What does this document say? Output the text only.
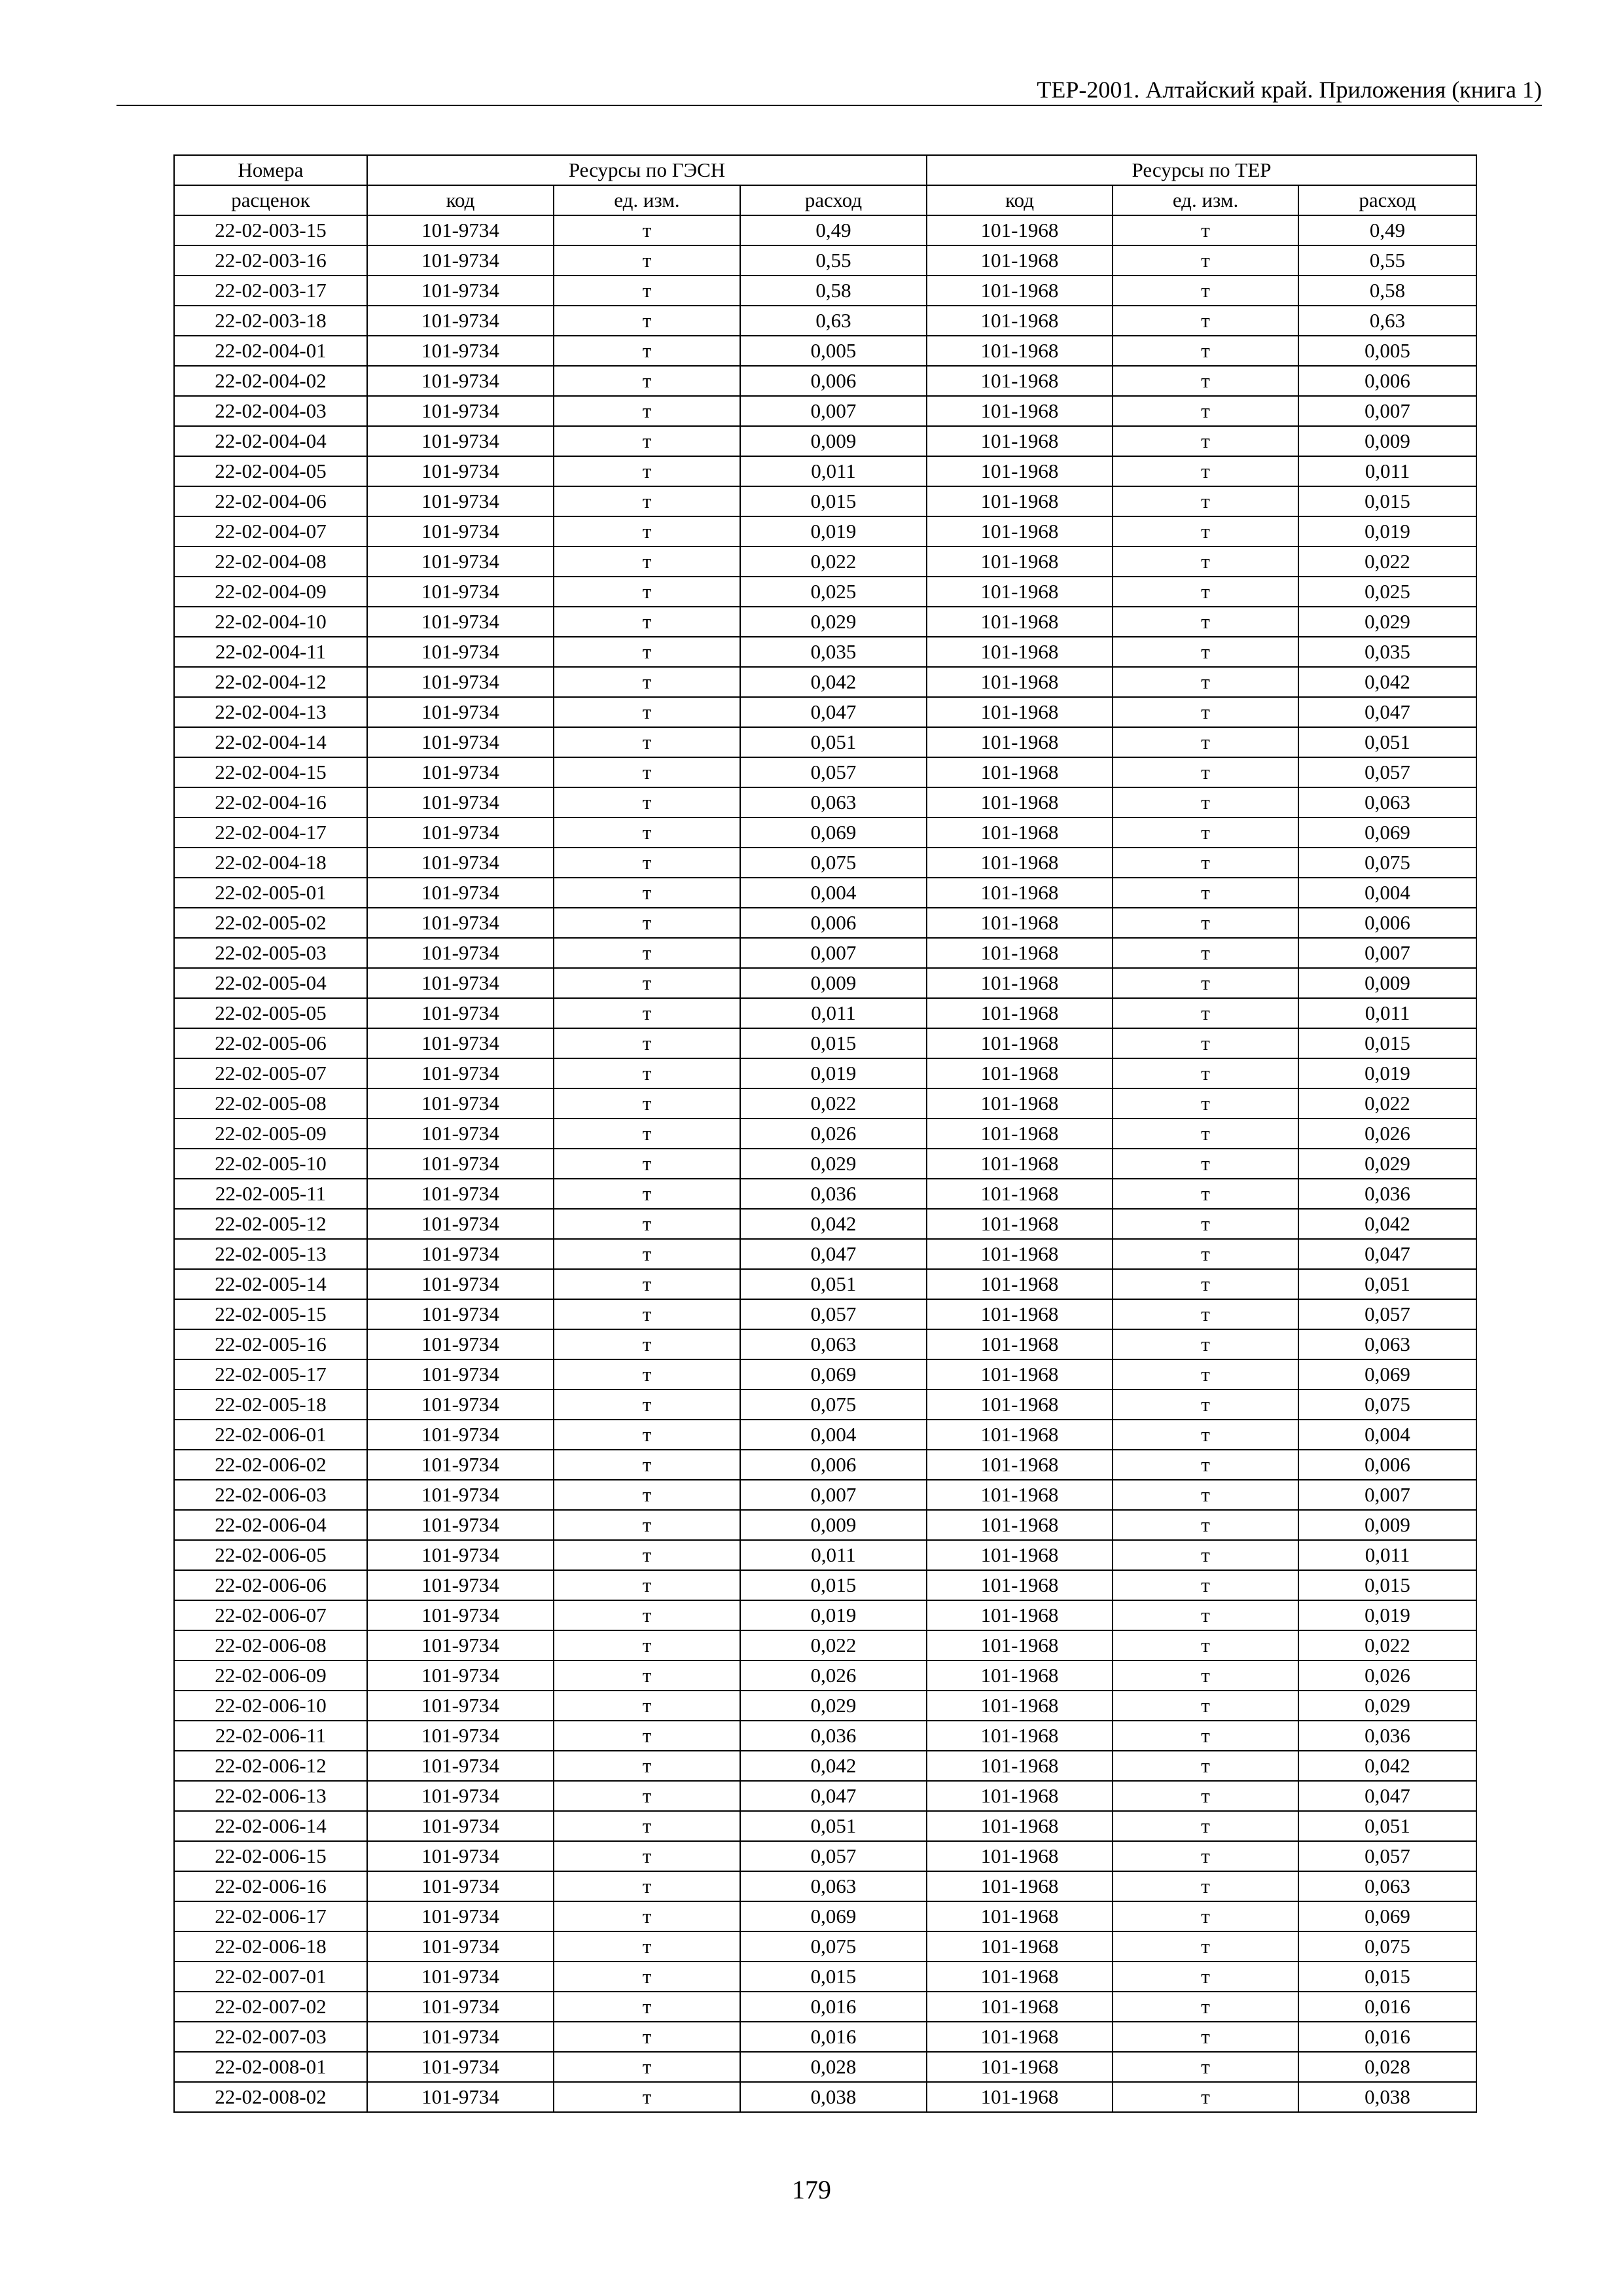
ТЕР-2001. Алтайский край. Приложения (книга 1)
Номера	Ресурсы по ГЭСН			Ресурсы по ТЕР		
расценок	код	ед. изм.	расход	код	ед. изм.	расход
22-02-003-15	101-9734	т	0,49	101-1968	т	0,49
22-02-003-16	101-9734	т	0,55	101-1968	т	0,55
22-02-003-17	101-9734	т	0,58	101-1968	т	0,58
22-02-003-18	101-9734	т	0,63	101-1968	т	0,63
22-02-004-01	101-9734	т	0,005	101-1968	т	0,005
22-02-004-02	101-9734	т	0,006	101-1968	т	0,006
22-02-004-03	101-9734	т	0,007	101-1968	т	0,007
22-02-004-04	101-9734	т	0,009	101-1968	т	0,009
22-02-004-05	101-9734	т	0,011	101-1968	т	0,011
22-02-004-06	101-9734	т	0,015	101-1968	т	0,015
22-02-004-07	101-9734	т	0,019	101-1968	т	0,019
22-02-004-08	101-9734	т	0,022	101-1968	т	0,022
22-02-004-09	101-9734	т	0,025	101-1968	т	0,025
22-02-004-10	101-9734	т	0,029	101-1968	т	0,029
22-02-004-11	101-9734	т	0,035	101-1968	т	0,035
22-02-004-12	101-9734	т	0,042	101-1968	т	0,042
22-02-004-13	101-9734	т	0,047	101-1968	т	0,047
22-02-004-14	101-9734	т	0,051	101-1968	т	0,051
22-02-004-15	101-9734	т	0,057	101-1968	т	0,057
22-02-004-16	101-9734	т	0,063	101-1968	т	0,063
22-02-004-17	101-9734	т	0,069	101-1968	т	0,069
22-02-004-18	101-9734	т	0,075	101-1968	т	0,075
22-02-005-01	101-9734	т	0,004	101-1968	т	0,004
22-02-005-02	101-9734	т	0,006	101-1968	т	0,006
22-02-005-03	101-9734	т	0,007	101-1968	т	0,007
22-02-005-04	101-9734	т	0,009	101-1968	т	0,009
22-02-005-05	101-9734	т	0,011	101-1968	т	0,011
22-02-005-06	101-9734	т	0,015	101-1968	т	0,015
22-02-005-07	101-9734	т	0,019	101-1968	т	0,019
22-02-005-08	101-9734	т	0,022	101-1968	т	0,022
22-02-005-09	101-9734	т	0,026	101-1968	т	0,026
22-02-005-10	101-9734	т	0,029	101-1968	т	0,029
22-02-005-11	101-9734	т	0,036	101-1968	т	0,036
22-02-005-12	101-9734	т	0,042	101-1968	т	0,042
22-02-005-13	101-9734	т	0,047	101-1968	т	0,047
22-02-005-14	101-9734	т	0,051	101-1968	т	0,051
22-02-005-15	101-9734	т	0,057	101-1968	т	0,057
22-02-005-16	101-9734	т	0,063	101-1968	т	0,063
22-02-005-17	101-9734	т	0,069	101-1968	т	0,069
22-02-005-18	101-9734	т	0,075	101-1968	т	0,075
22-02-006-01	101-9734	т	0,004	101-1968	т	0,004
22-02-006-02	101-9734	т	0,006	101-1968	т	0,006
22-02-006-03	101-9734	т	0,007	101-1968	т	0,007
22-02-006-04	101-9734	т	0,009	101-1968	т	0,009
22-02-006-05	101-9734	т	0,011	101-1968	т	0,011
22-02-006-06	101-9734	т	0,015	101-1968	т	0,015
22-02-006-07	101-9734	т	0,019	101-1968	т	0,019
22-02-006-08	101-9734	т	0,022	101-1968	т	0,022
22-02-006-09	101-9734	т	0,026	101-1968	т	0,026
22-02-006-10	101-9734	т	0,029	101-1968	т	0,029
22-02-006-11	101-9734	т	0,036	101-1968	т	0,036
22-02-006-12	101-9734	т	0,042	101-1968	т	0,042
22-02-006-13	101-9734	т	0,047	101-1968	т	0,047
22-02-006-14	101-9734	т	0,051	101-1968	т	0,051
22-02-006-15	101-9734	т	0,057	101-1968	т	0,057
22-02-006-16	101-9734	т	0,063	101-1968	т	0,063
22-02-006-17	101-9734	т	0,069	101-1968	т	0,069
22-02-006-18	101-9734	т	0,075	101-1968	т	0,075
22-02-007-01	101-9734	т	0,015	101-1968	т	0,015
22-02-007-02	101-9734	т	0,016	101-1968	т	0,016
22-02-007-03	101-9734	т	0,016	101-1968	т	0,016
22-02-008-01	101-9734	т	0,028	101-1968	т	0,028
22-02-008-02	101-9734	т	0,038	101-1968	т	0,038
179
